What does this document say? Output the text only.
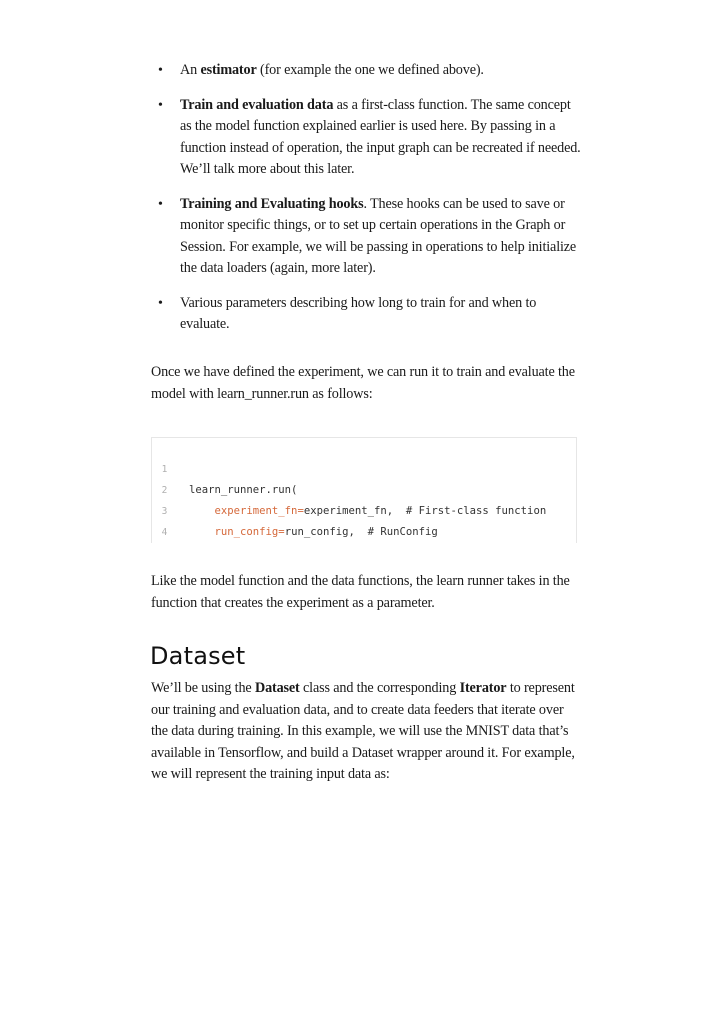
• An estimator (for example the one we defined above).
• Train and evaluation data as a first-class function. The same concept as the model function explained earlier is used here. By passing in a function instead of operation, the input graph can be recreated if needed. We’ll talk more about this later.
• Training and Evaluating hooks. These hooks can be used to save or monitor specific things, or to set up certain operations in the Graph or Session. For example, we will be passing in operations to help initialize the data loaders (again, more later).
• Various parameters describing how long to train for and when to evaluate.

Once we have defined the experiment, we can run it to train and evaluate the model with learn_runner.run as follows:

1

learn_runner.run(

2

experiment_fn=experiment_fn,  # First-class function

3

run_config=run_config,  # RunConfig

4

Like the model function and the data functions, the learn runner takes in the function that creates the experiment as a parameter.

Dataset

We’ll be using the Dataset class and the corresponding Iterator to represent our training and evaluation data, and to create data feeders that iterate over the data during training. In this example, we will use the MNIST data that’s available in Tensorflow, and build a Dataset wrapper around it. For example, we will represent the training input data as:
